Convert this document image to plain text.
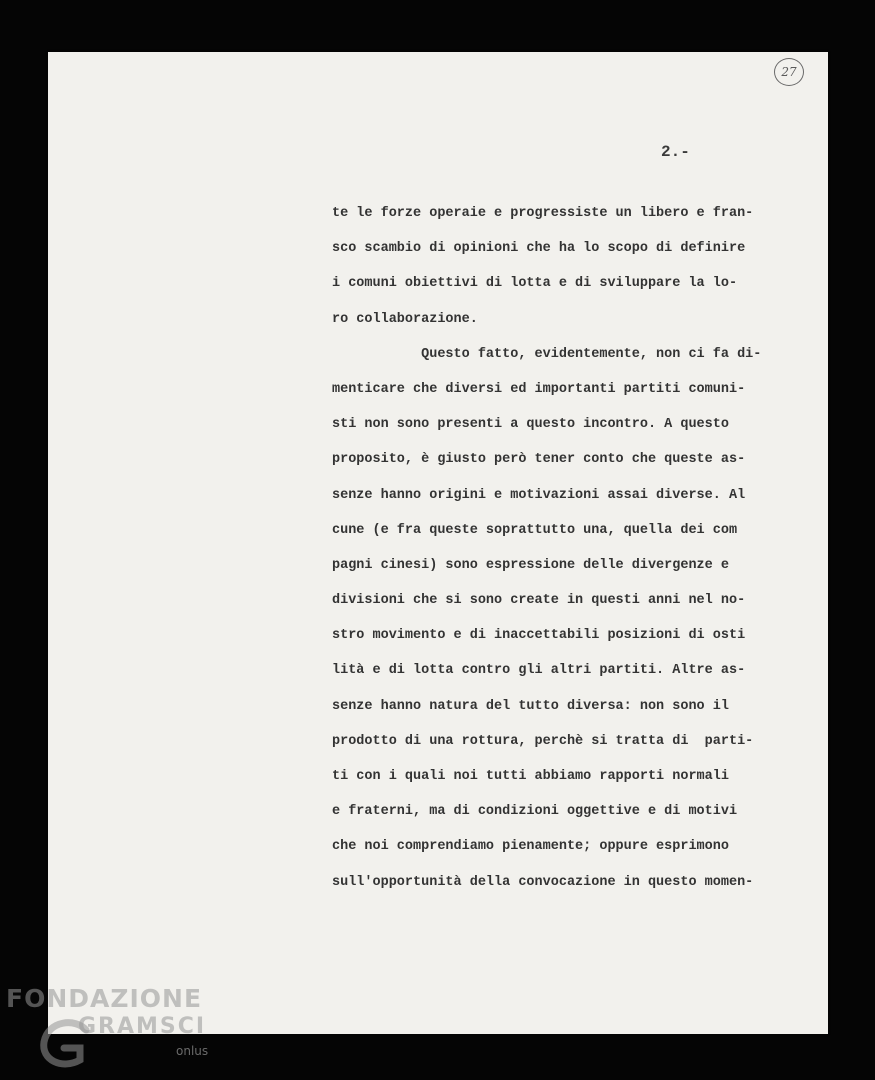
27
2.-
te le forze operaie e progressiste un libero e fran-
sco scambio di opinioni che ha lo scopo di definire
i comuni obiettivi di lotta e di sviluppare la lo-
ro collaborazione.
Questo fatto, evidentemente, non ci fa di-
menticare che diversi ed importanti partiti comuni-
sti non sono presenti a questo incontro. A questo
proposito, è giusto però tener conto che queste as-
senze hanno origini e motivazioni assai diverse. Al
cune (e fra queste soprattutto una, quella dei com
pagni cinesi) sono espressione delle divergenze e
divisioni che si sono create in questi anni nel no-
stro movimento e di inaccettabili posizioni di osti
lità e di lotta contro gli altri partiti. Altre as-
senze hanno natura del tutto diversa: non sono il
prodotto di una rottura, perchè si tratta di  parti-
ti con i quali noi tutti abbiamo rapporti normali
e fraterni, ma di condizioni oggettive e di motivi
che noi comprendiamo pienamente; oppure esprimono
sull'opportunità della convocazione in questo momen-
FONDAZIONE
GRAMSCI
onlus
